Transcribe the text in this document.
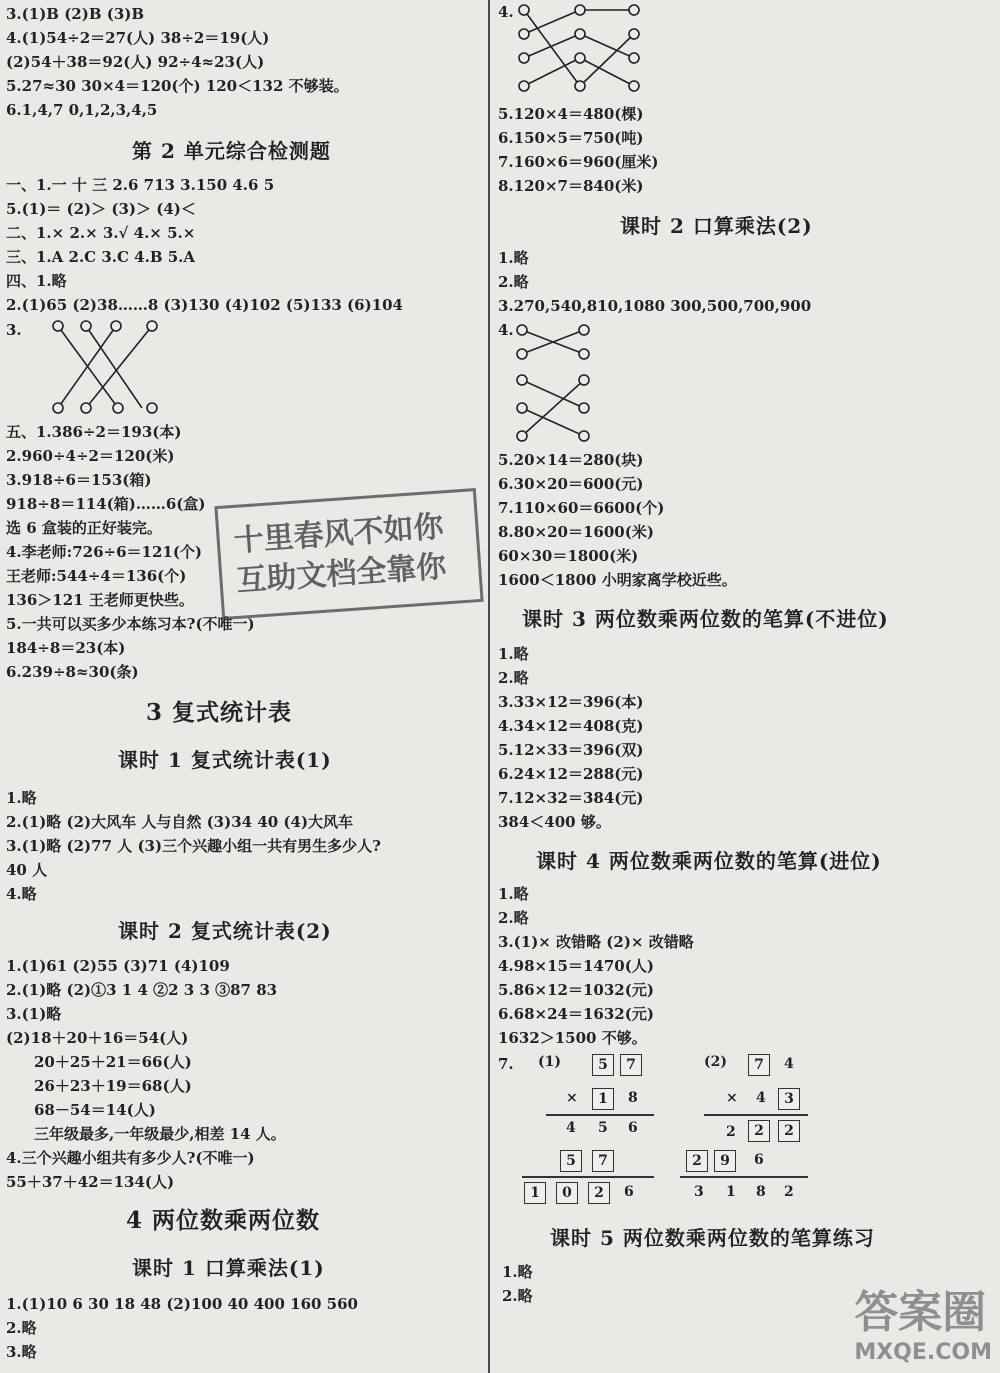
3.(1)B (2)B (3)B
4.(1)54÷2＝27(人) 38÷2＝19(人)
(2)54＋38＝92(人) 92÷4≈23(人)
5.27≈30 30×4＝120(个) 120＜132 不够装。
6.1,4,7 0,1,2,3,4,5
第 2 单元综合检测题
一、1.一 十 三 2.6 713 3.150 4.6 5
5.(1)＝ (2)＞ (3)＞ (4)＜
二、1.× 2.× 3.√ 4.× 5.×
三、1.A 2.C 3.C 4.B 5.A
四、1.略
2.(1)65 (2)38……8 (3)130 (4)102 (5)133 (6)104
3.
五、1.386÷2＝193(本)
2.960÷4÷2＝120(米)
3.918÷6＝153(箱)
918÷8＝114(箱)……6(盒)
选 6 盒装的正好装完。
4.李老师:726÷6＝121(个)
王老师:544÷4＝136(个)
136＞121 王老师更快些。
5.一共可以买多少本练习本?(不唯一)
184÷8＝23(本)
6.239÷8≈30(条)
3 复式统计表
课时 1 复式统计表(1)
1.略
2.(1)略 (2)大风车 人与自然 (3)34 40 (4)大风车
3.(1)略 (2)77 人 (3)三个兴趣小组一共有男生多少人?
40 人
4.略
课时 2 复式统计表(2)
1.(1)61 (2)55 (3)71 (4)109
2.(1)略 (2)①3 1 4 ②2 3 3 ③87 83
3.(1)略
(2)18＋20＋16＝54(人)
20＋25＋21＝66(人)
26＋23＋19＝68(人)
68－54＝14(人)
三年级最多,一年级最少,相差 14 人。
4.三个兴趣小组共有多少人?(不唯一)
55＋37＋42＝134(人)
4 两位数乘两位数
课时 1 口算乘法(1)
1.(1)10 6 30 18 48 (2)100 40 400 160 560
2.略
3.略
十里春风不如你
互助文档全靠你
4.
5.120×4＝480(棵)
6.150×5＝750(吨)
7.160×6＝960(厘米)
8.120×7＝840(米)
课时 2 口算乘法(2)
1.略
2.略
3.270,540,810,1080 300,500,700,900
4.
5.20×14＝280(块)
6.30×20＝600(元)
7.110×60＝6600(个)
8.80×20＝1600(米)
60×30＝1800(米)
1600＜1800 小明家离学校近些。
课时 3 两位数乘两位数的笔算(不进位)
1.略
2.略
3.33×12＝396(本)
4.34×12＝408(克)
5.12×33＝396(双)
6.24×12＝288(元)
7.12×32＝384(元)
384＜400 够。
课时 4 两位数乘两位数的笔算(进位)
1.略
2.略
3.(1)× 改错略 (2)× 改错略
4.98×15＝1470(人)
5.86×12＝1032(元)
6.68×24＝1632(元)
1632＞1500 不够。
7. (1)	5	7
×	1	8
4 5 6
5	7
1	0	2	6
(2)	7	4
× 4	3
2	2	2
2	9	6
3 1 8 2
课时 5 两位数乘两位数的笔算练习
1.略
2.略	答案圈
MXQE.COM
